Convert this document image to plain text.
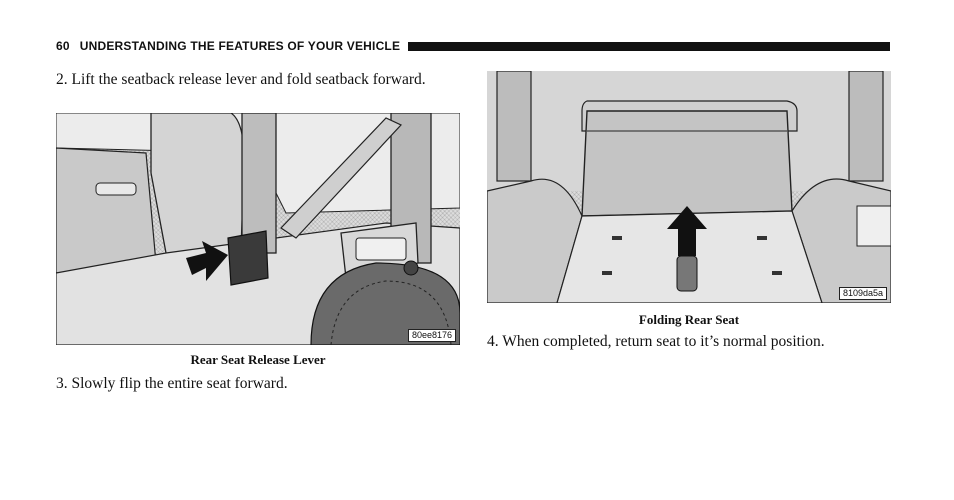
60 UNDERSTANDING THE FEATURES OF YOUR VEHICLE
2. Lift the seatback release lever and fold seatback forward.
80ee8176
Rear Seat Release Lever
3. Slowly flip the entire seat forward.
8109da5a
Folding Rear Seat
4. When completed, return seat to it’s normal position.
